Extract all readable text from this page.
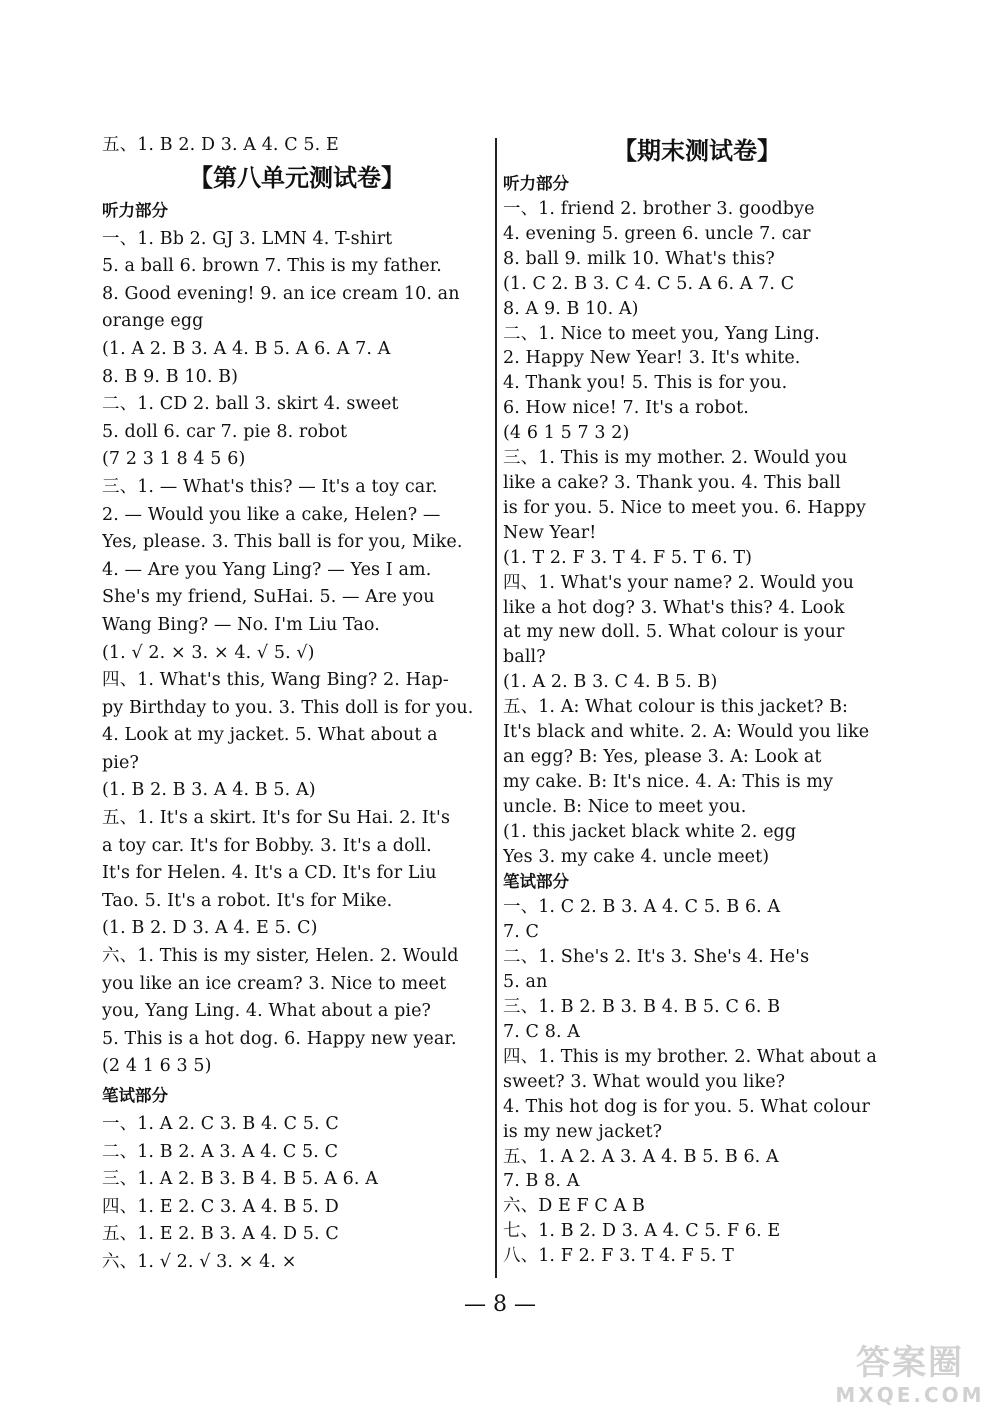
五、1. B 2. D 3. A 4. C 5. E
【第八单元测试卷】
听力部分
一、1. Bb 2. GJ 3. LMN 4. T-shirt
5. a ball 6. brown 7. This is my father.
8. Good evening! 9. an ice cream 10. an
orange egg
(1. A 2. B 3. A 4. B 5. A 6. A 7. A
8. B 9. B 10. B)
二、1. CD 2. ball 3. skirt 4. sweet
5. doll 6. car 7. pie 8. robot
(7 2 3 1 8 4 5 6)
三、1. — What's this? — It's a toy car.
2. — Would you like a cake, Helen? —
Yes, please. 3. This ball is for you, Mike.
4. — Are you Yang Ling? — Yes I am.
She's my friend, SuHai. 5. — Are you
Wang Bing? — No. I'm Liu Tao.
(1. √ 2. × 3. × 4. √ 5. √)
四、1. What's this, Wang Bing? 2. Hap-
py Birthday to you. 3. This doll is for you.
4. Look at my jacket. 5. What about a
pie?
(1. B 2. B 3. A 4. B 5. A)
五、1. It's a skirt. It's for Su Hai. 2. It's
a toy car. It's for Bobby. 3. It's a doll.
It's for Helen. 4. It's a CD. It's for Liu
Tao. 5. It's a robot. It's for Mike.
(1. B 2. D 3. A 4. E 5. C)
六、1. This is my sister, Helen. 2. Would
you like an ice cream? 3. Nice to meet
you, Yang Ling. 4. What about a pie?
5. This is a hot dog. 6. Happy new year.
(2 4 1 6 3 5)
笔试部分
一、1. A 2. C 3. B 4. C 5. C
二、1. B 2. A 3. A 4. C 5. C
三、1. A 2. B 3. B 4. B 5. A 6. A
四、1. E 2. C 3. A 4. B 5. D
五、1. E 2. B 3. A 4. D 5. C
六、1. √ 2. √ 3. × 4. ×
【期末测试卷】
听力部分
一、1. friend 2. brother 3. goodbye
4. evening 5. green 6. uncle 7. car
8. ball 9. milk 10. What's this?
(1. C 2. B 3. C 4. C 5. A 6. A 7. C
8. A 9. B 10. A)
二、1. Nice to meet you, Yang Ling.
2. Happy New Year! 3. It's white.
4. Thank you! 5. This is for you.
6. How nice! 7. It's a robot.
(4 6 1 5 7 3 2)
三、1. This is my mother. 2. Would you
like a cake? 3. Thank you. 4. This ball
is for you. 5. Nice to meet you. 6. Happy
New Year!
(1. T 2. F 3. T 4. F 5. T 6. T)
四、1. What's your name? 2. Would you
like a hot dog? 3. What's this? 4. Look
at my new doll. 5. What colour is your
ball?
(1. A 2. B 3. C 4. B 5. B)
五、1. A: What colour is this jacket? B:
It's black and white. 2. A: Would you like
an egg? B: Yes, please 3. A: Look at
my cake. B: It's nice. 4. A: This is my
uncle. B: Nice to meet you.
(1. this jacket black white 2. egg
Yes 3. my cake 4. uncle meet)
笔试部分
一、1. C 2. B 3. A 4. C 5. B 6. A
7. C
二、1. She's 2. It's 3. She's 4. He's
5. an
三、1. B 2. B 3. B 4. B 5. C 6. B
7. C 8. A
四、1. This is my brother. 2. What about a
sweet? 3. What would you like?
4. This hot dog is for you. 5. What colour
is my new jacket?
五、1. A 2. A 3. A 4. B 5. B 6. A
7. B 8. A
六、D E F C A B
七、1. B 2. D 3. A 4. C 5. F 6. E
八、1. F 2. F 3. T 4. F 5. T
— 8 —
答案圈
MXQE.COM
